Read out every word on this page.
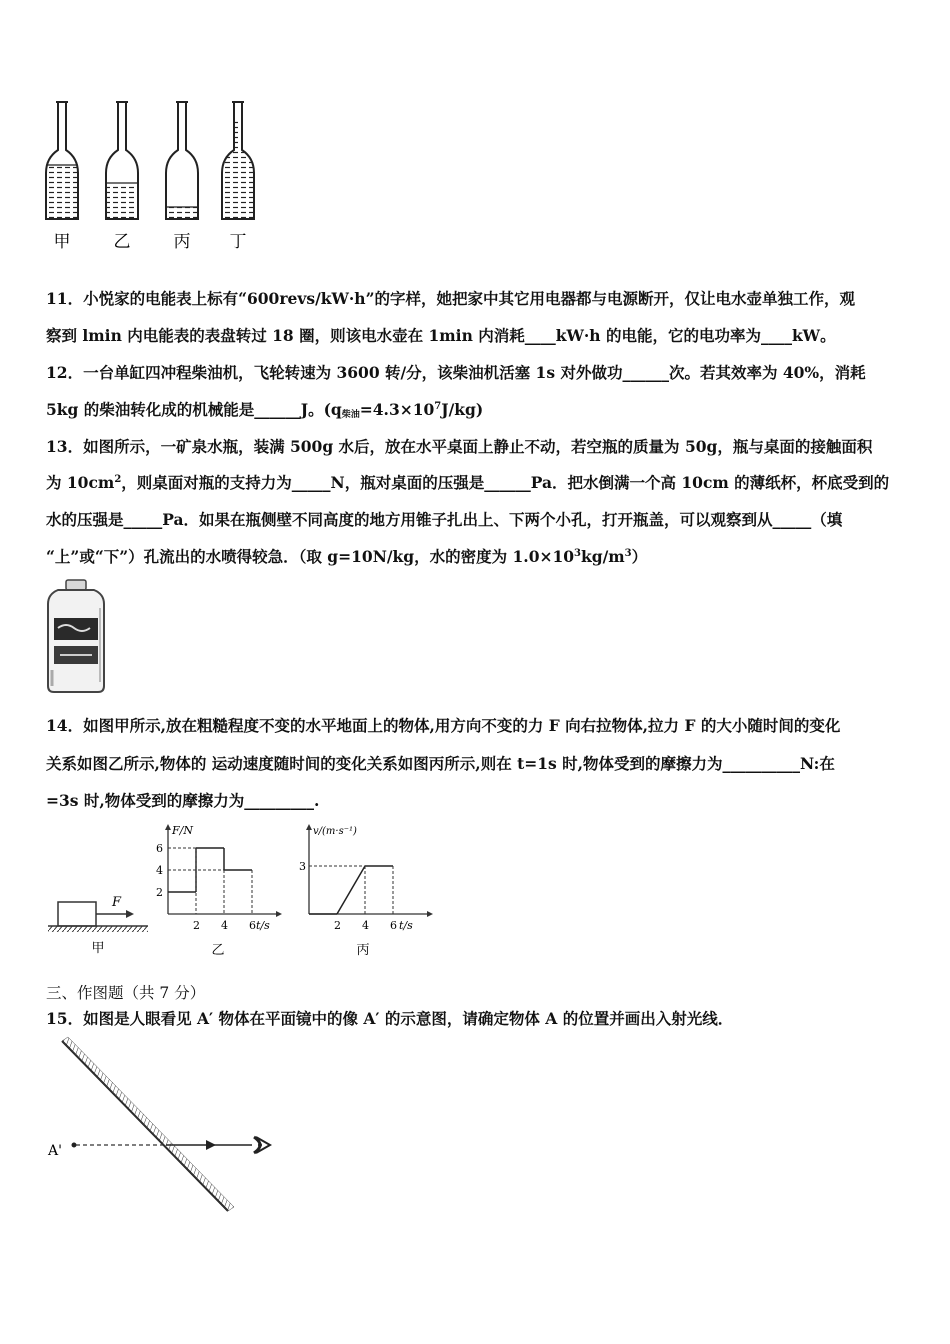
甲	乙	丙 丁
11．小悦家的电能表上标有“600revs/kW·h”的字样，她把家中其它用电器都与电源断开，仅让电水壶单独工作，观
察到 lmin 内电能表的表盘转过 18 圈，则该电水壶在 1min 内消耗____kW·h 的电能，它的电功率为____kW。
12．一台单缸四冲程柴油机，飞轮转速为 3600 转/分，该柴油机活塞 1s 对外做功______次。若其效率为 40%，消耗
5kg 的柴油转化成的机械能是______J。$(q_{柴油}=4.3\times 10^7J/kg)$
13．如图所示，一矿泉水瓶，装满 500g 水后，放在水平桌面上静止不动，若空瓶的质量为 50g，瓶与桌面的接触面积
为 $10cm^2$，则桌面对瓶的支持力为_____N，瓶对桌面的压强是______Pa．把水倒满一个高 10cm 的薄纸杯，杯底受到的
水的压强是_____Pa．如果在瓶侧壁不同高度的地方用锥子扎出上、下两个小孔，打开瓶盖，可以观察到从_____（填
“上”或“下”）孔流出的水喷得较急．（取 g=10N/kg，水的密度为 $1.0\times 10^3kg/m^3$）
14．如图甲所示,放在粗糙程度不变的水平地面上的物体,用方向不变的力 F 向右拉物体,拉力 F 的大小随时间的变化
关系如图乙所示,物体的 运动速度随时间的变化关系如图丙所示,则在 t=1s 时,物体受到的摩擦力为__________N:在
=3s 时,物体受到的摩擦力为_________.
F
甲
F/N
t/s
2
4
6
2 4 6
乙
v/(m·s⁻¹)
t/s
3
2 4 6
丙
三、作图题（共 7 分）
15．如图是人眼看见 A′ 物体在平面镜中的像 A′ 的示意图，请确定物体 A 的位置并画出入射光线．
A'
